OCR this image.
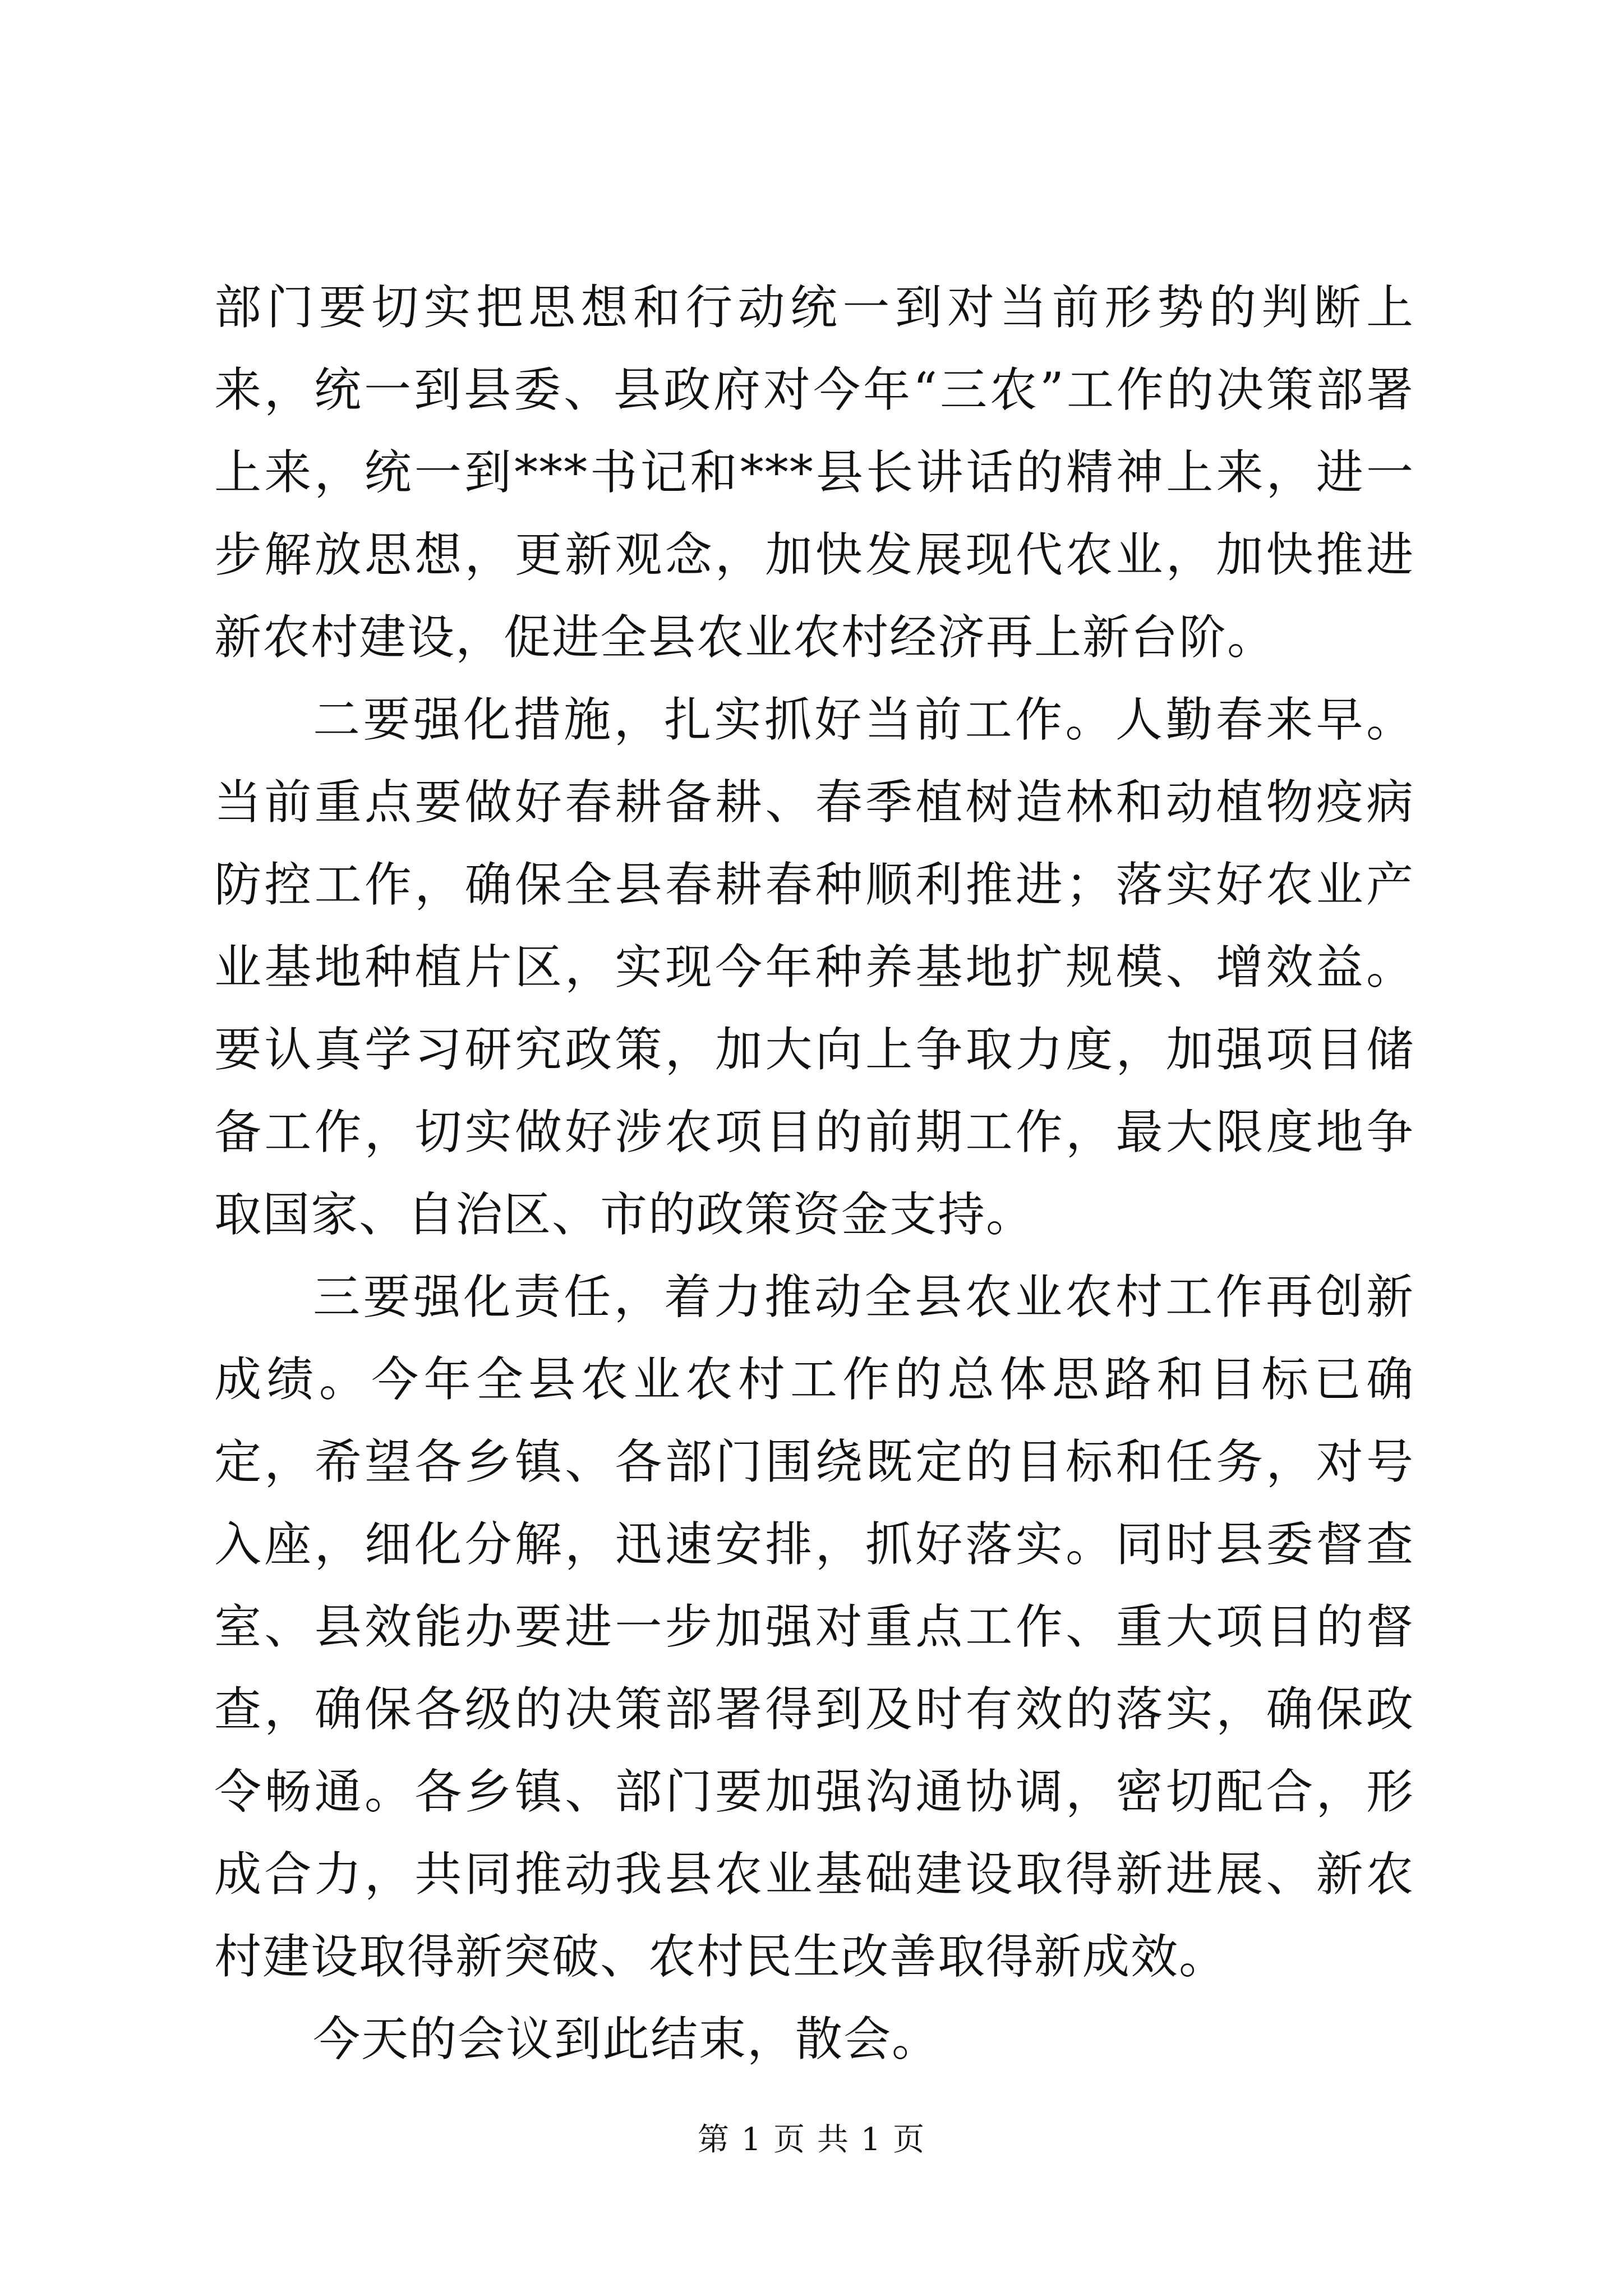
部门要切实把思想和行动统一到对当前形势的判断上来，统一到县委、县政府对今年“三农”工作的决策部署上来，统一到***书记和***县长讲话的精神上来，进一步解放思想，更新观念，加快发展现代农业，加快推进新农村建设，促进全县农业农村经济再上新台阶。

二要强化措施，扎实抓好当前工作。人勤春来早。当前重点要做好春耕备耕、春季植树造林和动植物疫病防控工作，确保全县春耕春种顺利推进；落实好农业产业基地种植片区，实现今年种养基地扩规模、增效益。要认真学习研究政策，加大向上争取力度，加强项目储备工作，切实做好涉农项目的前期工作，最大限度地争取国家、自治区、市的政策资金支持。

三要强化责任，着力推动全县农业农村工作再创新成绩。今年全县农业农村工作的总体思路和目标已确定，希望各乡镇、各部门围绕既定的目标和任务，对号入座，细化分解，迅速安排，抓好落实。同时县委督查室、县效能办要进一步加强对重点工作、重大项目的督查，确保各级的决策部署得到及时有效的落实，确保政令畅通。各乡镇、部门要加强沟通协调，密切配合，形成合力，共同推动我县农业基础建设取得新进展、新农村建设取得新突破、农村民生改善取得新成效。

今天的会议到此结束，散会。

第 1 页 共 1 页
